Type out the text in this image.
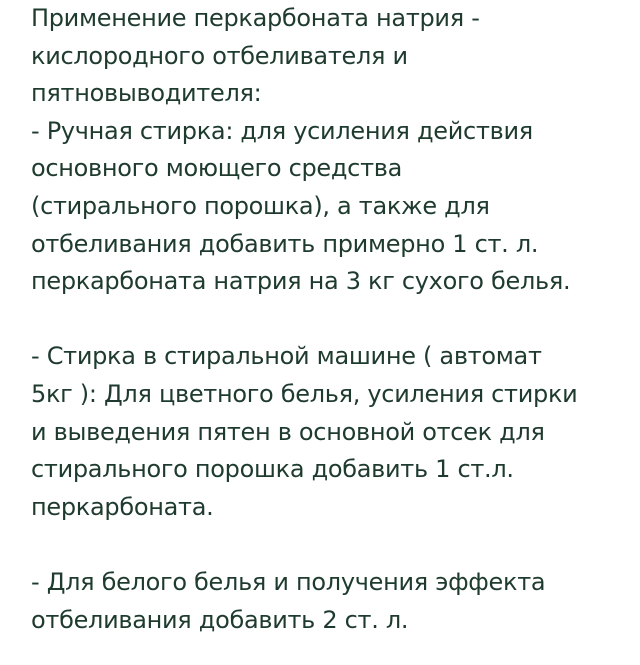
Применение перкарбоната натрия -
кислородного отбеливателя и
пятновыводителя:
- Ручная стирка: для усиления действия
основного моющего средства
(стирального порошка), а также для
отбеливания добавить примерно 1 ст. л.
перкарбоната натрия на 3 кг сухого белья.
- Стирка в стиральной машине ( автомат
5кг ): Для цветного белья, усиления стирки
и выведения пятен в основной отсек для
стирального порошка добавить 1 ст.л.
перкарбоната.
- Для белого белья и получения эффекта
отбеливания добавить 2 ст. л.
